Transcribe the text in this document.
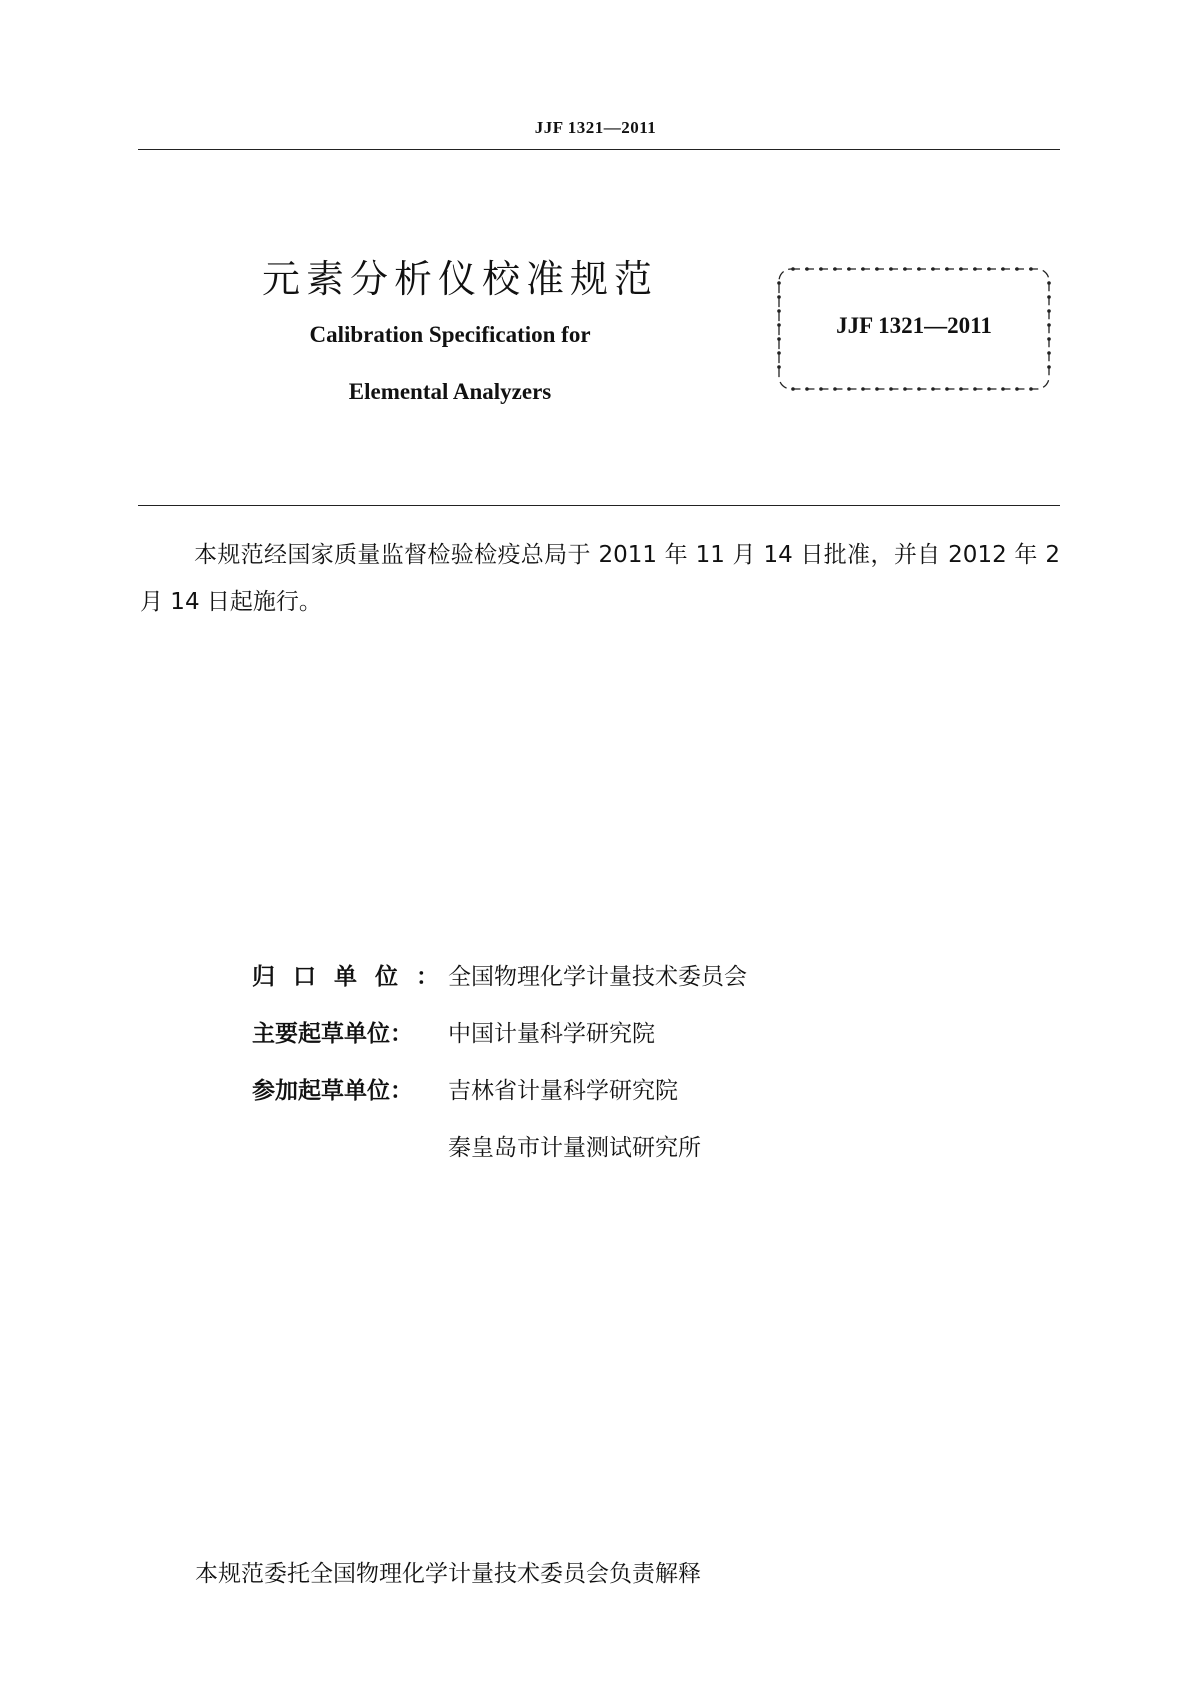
JJF 1321—2011
元素分析仪校准规范
Calibration Specification for
Elemental Analyzers
JJF 1321—2011
本规范经国家质量监督检验检疫总局于 2011 年 11 月 14 日批准，并自 2012 年 2 月 14 日起施行。
归口单位：全国物理化学计量技术委员会
主要起草单位： 中国计量科学研究院
参加起草单位： 吉林省计量科学研究院
秦皇岛市计量测试研究所
本规范委托全国物理化学计量技术委员会负责解释
